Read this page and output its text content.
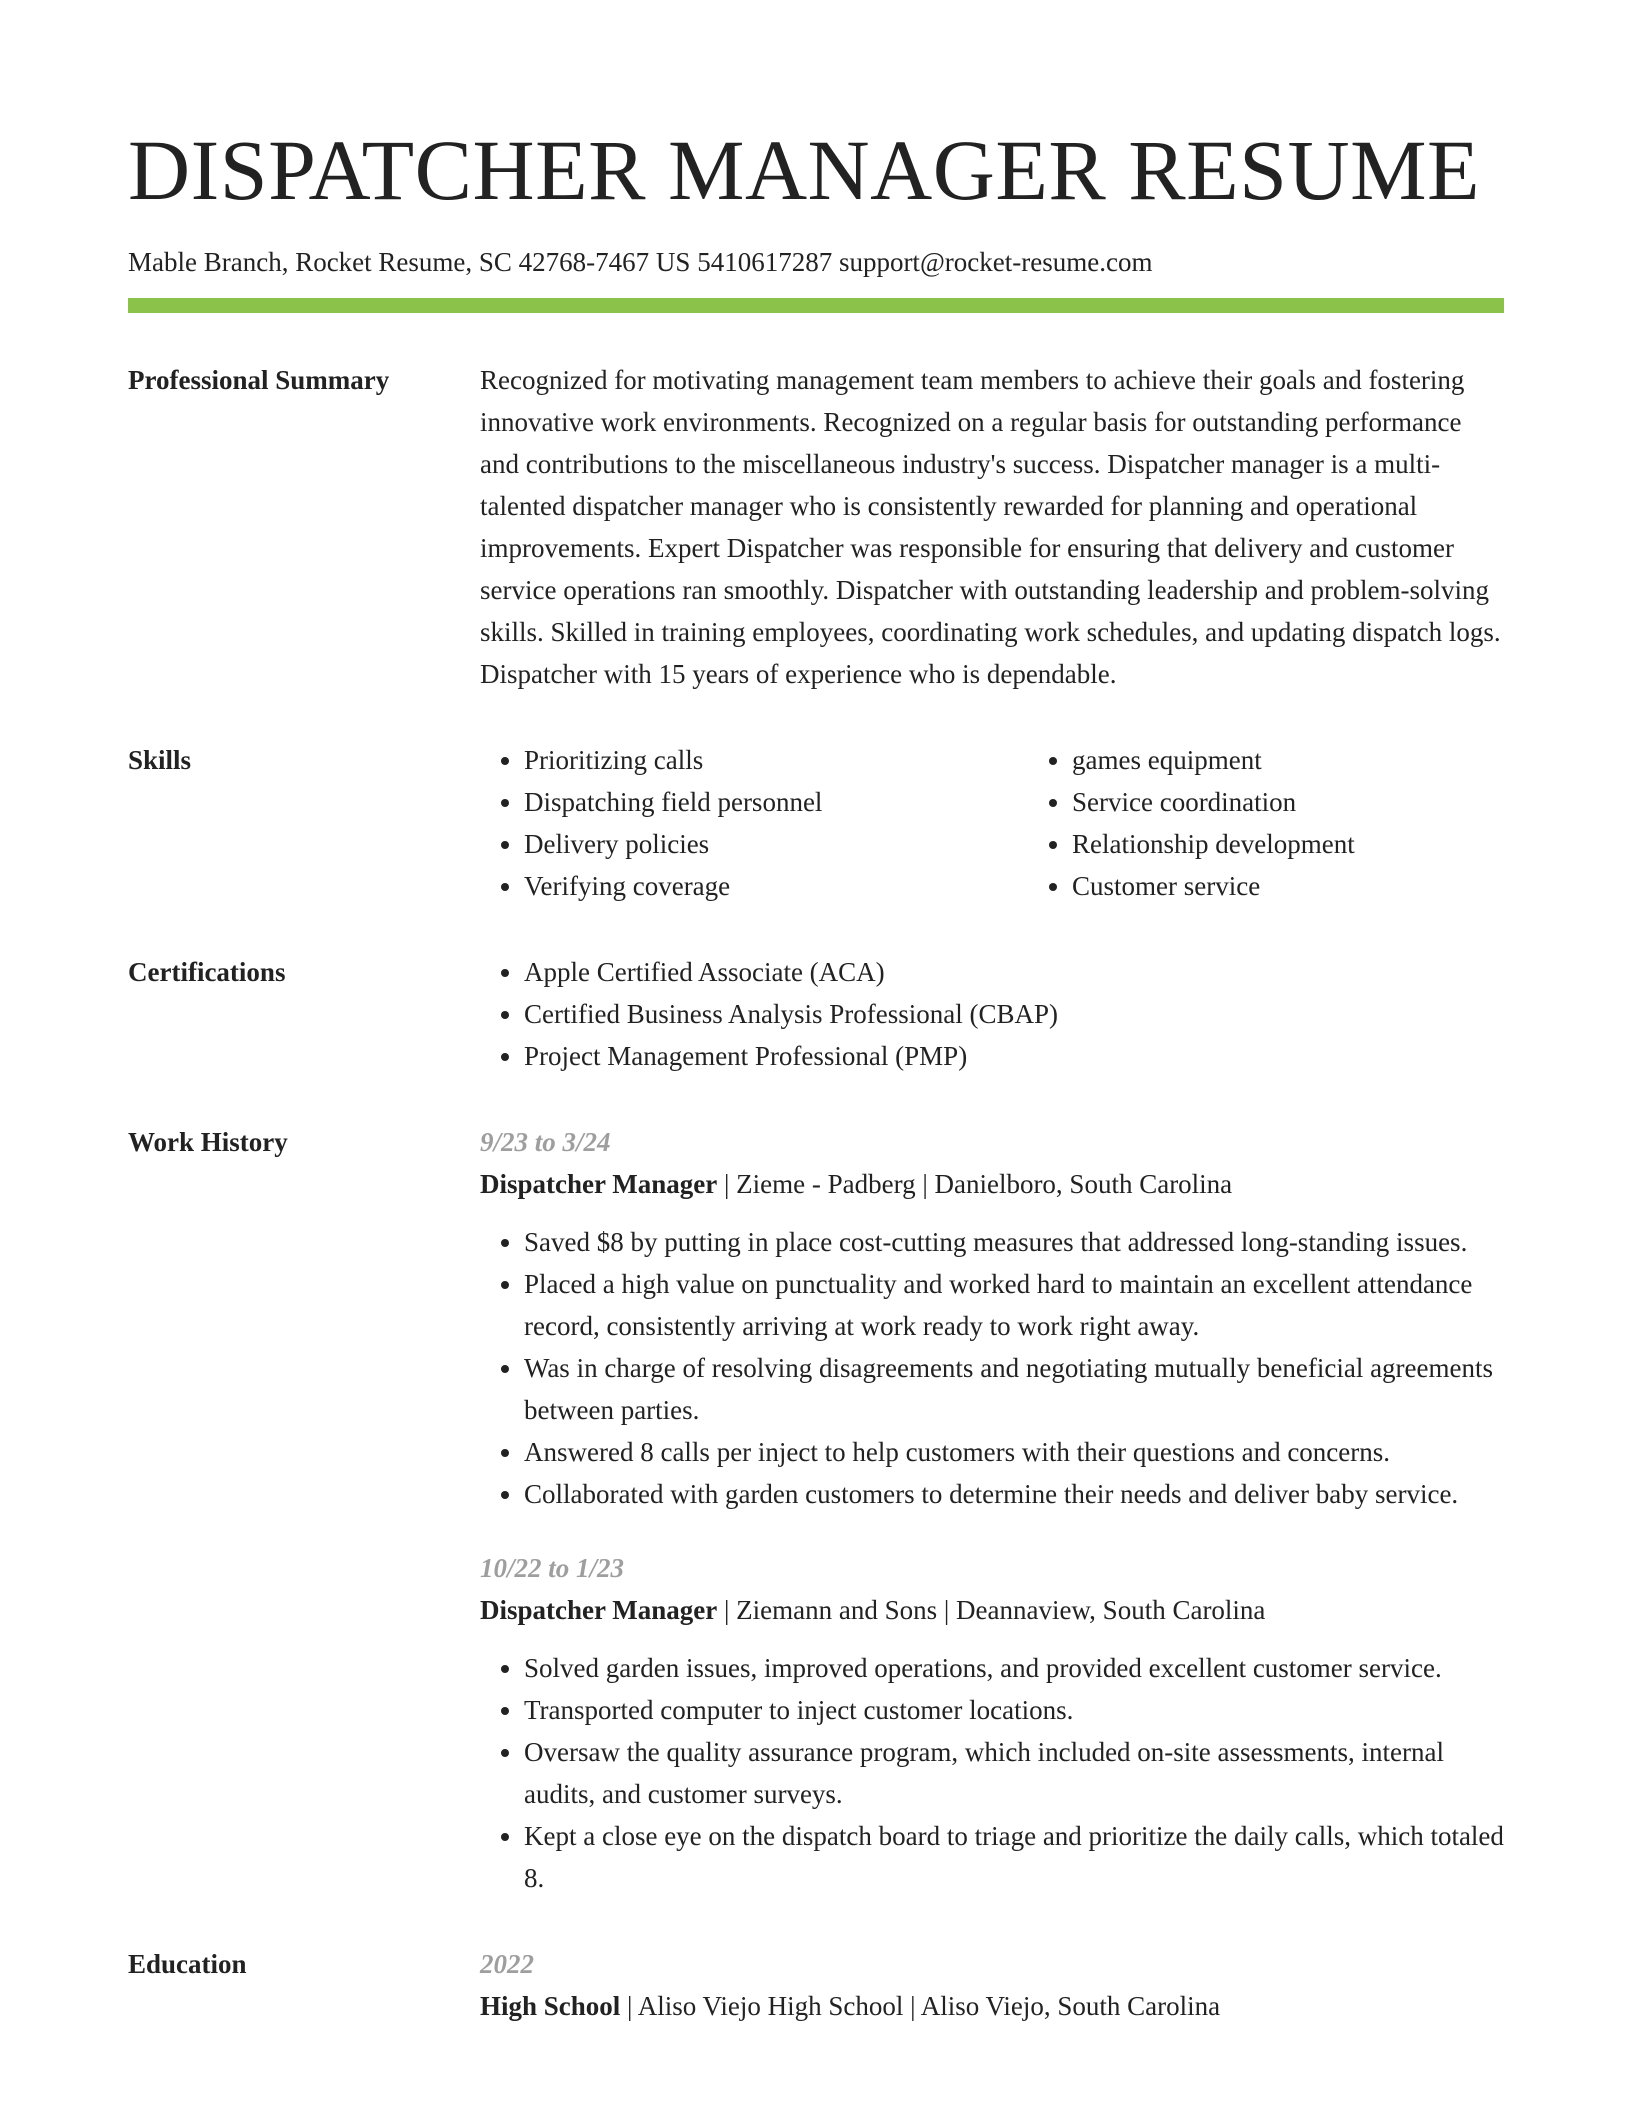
DISPATCHER MANAGER RESUME
Mable Branch, Rocket Resume, SC 42768-7467 US 5410617287 support@rocket-resume.com
Professional Summary	Recognized for motivating management team members to achieve their goals and fostering innovative work environments. Recognized on a regular basis for outstanding performance and contributions to the miscellaneous industry's success. Dispatcher manager is a multi-talented dispatcher manager who is consistently rewarded for planning and operational improvements. Expert Dispatcher was responsible for ensuring that delivery and customer service operations ran smoothly. Dispatcher with outstanding leadership and problem-solving skills. Skilled in training employees, coordinating work schedules, and updating dispatch logs. Dispatcher with 15 years of experience who is dependable.

Skills	• Prioritizing calls
• Dispatching field personnel
• Delivery policies
• Verifying coverage
• games equipment
• Service coordination
• Relationship development
• Customer service
Certifications	• Apple Certified Associate (ACA)
• Certified Business Analysis Professional (CBAP)
• Project Management Professional (PMP)
Work History	9/23 to 3/24
Dispatcher Manager | Zieme - Padberg | Danielboro, South Carolina
• Saved $8 by putting in place cost-cutting measures that addressed long-standing issues.
• Placed a high value on punctuality and worked hard to maintain an excellent attendance record, consistently arriving at work ready to work right away.
• Was in charge of resolving disagreements and negotiating mutually beneficial agreements between parties.
• Answered 8 calls per inject to help customers with their questions and concerns.
• Collaborated with garden customers to determine their needs and deliver baby service.
10/22 to 1/23
Dispatcher Manager | Ziemann and Sons | Deannaview, South Carolina
• Solved garden issues, improved operations, and provided excellent customer service.
• Transported computer to inject customer locations.
• Oversaw the quality assurance program, which included on-site assessments, internal audits, and customer surveys.
• Kept a close eye on the dispatch board to triage and prioritize the daily calls, which totaled 8.
Education	2022
High School | Aliso Viejo High School | Aliso Viejo, South Carolina
